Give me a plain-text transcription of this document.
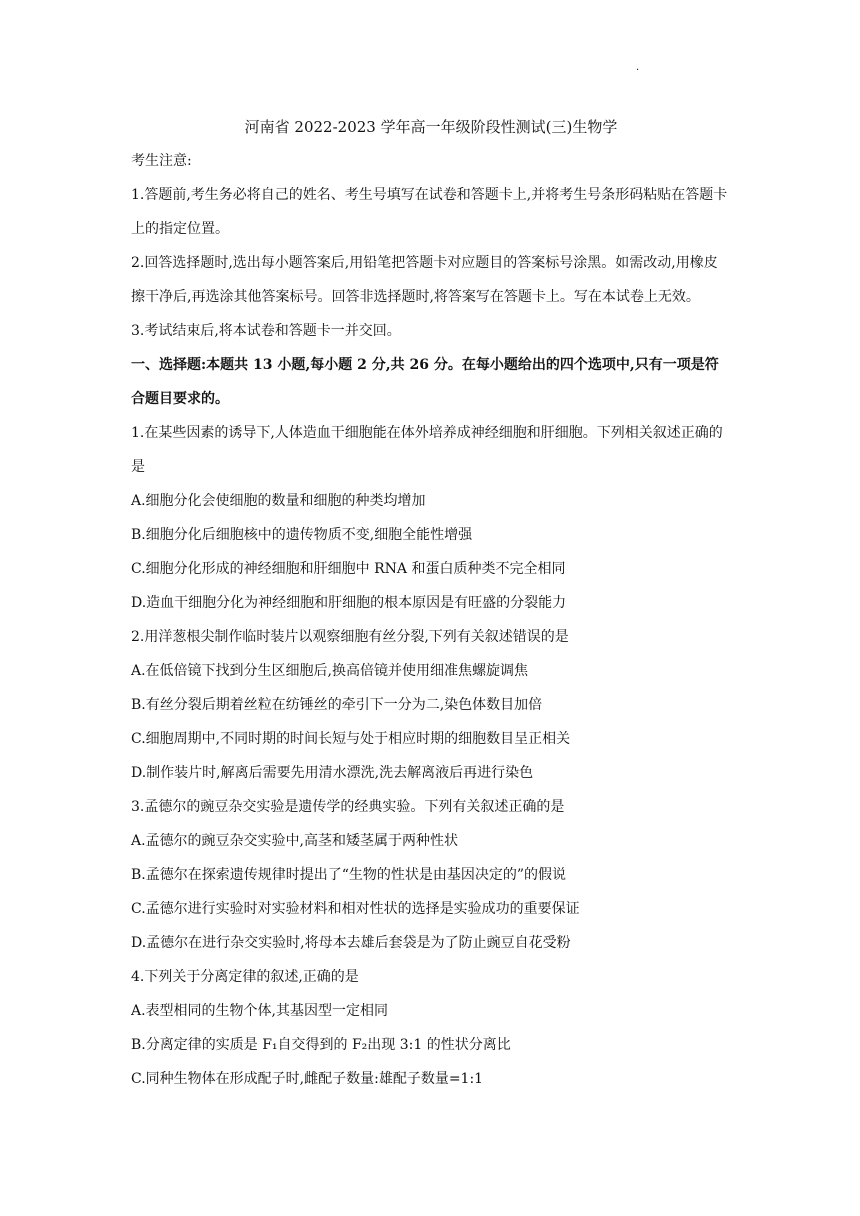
·
河南省 2022-2023 学年高一年级阶段性测试(三)生物学
考生注意:
1.答题前,考生务必将自己的姓名、考生号填写在试卷和答题卡上,并将考生号条形码粘贴在答题卡上的指定位置。
2.回答选择题时,选出每小题答案后,用铅笔把答题卡对应题目的答案标号涂黑。如需改动,用橡皮擦干净后,再选涂其他答案标号。回答非选择题时,将答案写在答题卡上。写在本试卷上无效。
3.考试结束后,将本试卷和答题卡一并交回。
一、选择题:本题共 13 小题,每小题 2 分,共 26 分。在每小题给出的四个选项中,只有一项是符合题目要求的。
1.在某些因素的诱导下,人体造血干细胞能在体外培养成神经细胞和肝细胞。下列相关叙述正确的是
A.细胞分化会使细胞的数量和细胞的种类均增加
B.细胞分化后细胞核中的遗传物质不变,细胞全能性增强
C.细胞分化形成的神经细胞和肝细胞中 RNA 和蛋白质种类不完全相同
D.造血干细胞分化为神经细胞和肝细胞的根本原因是有旺盛的分裂能力
2.用洋葱根尖制作临时装片以观察细胞有丝分裂,下列有关叙述错误的是
A.在低倍镜下找到分生区细胞后,换高倍镜并使用细准焦螺旋调焦
B.有丝分裂后期着丝粒在纺锤丝的牵引下一分为二,染色体数目加倍
C.细胞周期中,不同时期的时间长短与处于相应时期的细胞数目呈正相关
D.制作装片时,解离后需要先用清水漂洗,洗去解离液后再进行染色
3.孟德尔的豌豆杂交实验是遗传学的经典实验。下列有关叙述正确的是
A.孟德尔的豌豆杂交实验中,高茎和矮茎属于两种性状
B.孟德尔在探索遗传规律时提出了“生物的性状是由基因决定的”的假说
C.孟德尔进行实验时对实验材料和相对性状的选择是实验成功的重要保证
D.孟德尔在进行杂交实验时,将母本去雄后套袋是为了防止豌豆自花受粉
4.下列关于分离定律的叙述,正确的是
A.表型相同的生物个体,其基因型一定相同
B.分离定律的实质是 F₁自交得到的 F₂出现 3:1 的性状分离比
C.同种生物体在形成配子时,雌配子数量:雄配子数量=1:1
